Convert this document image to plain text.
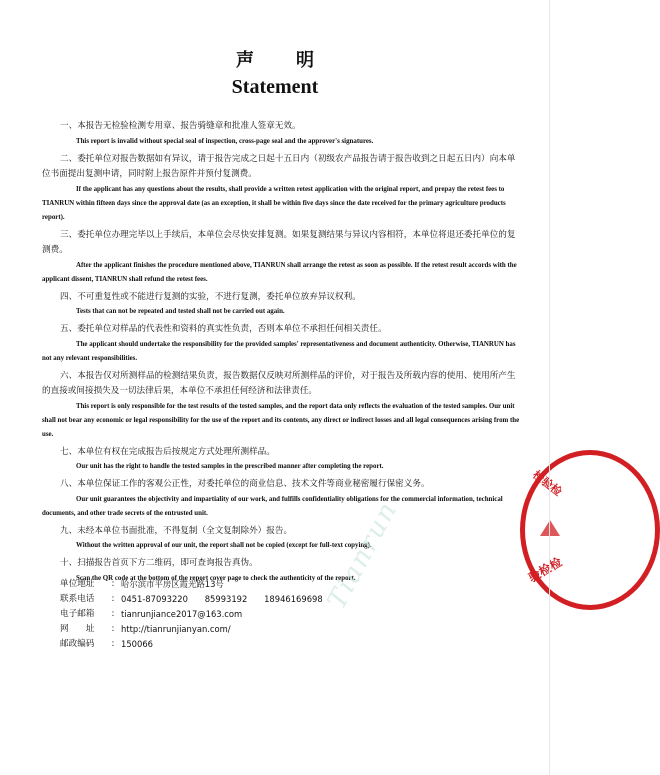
声明
Statement

一、本报告无检验检测专用章、报告骑缝章和批准人签章无效。

This report is invalid without special seal of inspection, cross-page seal and the approver's signatures.

二、委托单位对报告数据如有异议，请于报告完成之日起十五日内（初级农产品报告请于报告收到之日起五日内）向本单位书面提出复测申请，同时附上报告原件并预付复测费。

If the applicant has any questions about the results, shall provide a written retest application with the original report, and prepay the retest fees to TIANRUN within fifteen days since the approval date (as an exception, it shall be within five days since the date received for the primary agriculture products report).

三、委托单位办理完毕以上手续后，本单位会尽快安排复测。如果复测结果与异议内容相符，本单位将退还委托单位的复测费。

After the applicant finishes the procedure mentioned above, TIANRUN shall arrange the retest as soon as possible. If the retest result accords with the applicant dissent, TIANRUN shall refund the retest fees.

四、不可重复性或不能进行复测的实验，不进行复测，委托单位放弃异议权利。

Tests that can not be repeated and tested shall not be carried out again.

五、委托单位对样品的代表性和资料的真实性负责，否则本单位不承担任何相关责任。

The applicant should undertake the responsibility for the provided samples' representativeness and document authenticity. Otherwise, TIANRUN has not any relevant responsibilities.

六、本报告仅对所测样品的检测结果负责，报告数据仅反映对所测样品的评价，对于报告及所载内容的使用、使用所产生的直接或间接损失及一切法律后果，本单位不承担任何经济和法律责任。

This report is only responsible for the test results of the tested samples, and the report data only reflects the evaluation of the tested samples. Our unit shall not bear any economic or legal responsibility for the use of the report and its contents, any direct or indirect losses and all legal consequences arising from the use.

七、本单位有权在完成报告后按规定方式处理所测样品。

Our unit has the right to handle the tested samples in the prescribed manner after completing the report.

八、本单位保证工作的客观公正性，对委托单位的商业信息、技术文件等商业秘密履行保密义务。

Our unit guarantees the objectivity and impartiality of our work, and fulfills confidentiality obligations for the commercial information, technical documents, and other trade secrets of the entrusted unit.

九、未经本单位书面批准，不得复制（全文复制除外）报告。

Without the written approval of our unit, the report shall not be copied (except for full-text copying).

十、扫描报告首页下方二维码，即可查询报告真伪。

Scan the QR code at the bottom of the report cover page to check the authenticity of the report.

单位地址	: 哈尔滨市平房区霞光路13号
联系电话	: 0451-87093220　　85993192　　18946169698
电子邮箱	: tianrunjiance2017@163.com
网　　址	: http://tianrunjianyan.com/
邮政编码	: 150066
Tianrun
检验检
验检检
